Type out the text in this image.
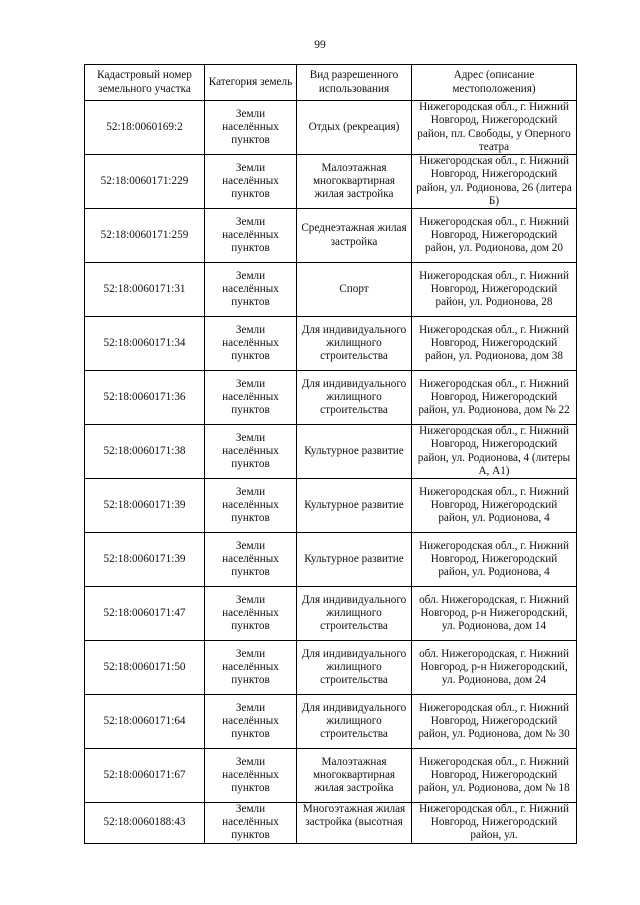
99
Кадастровый номер земельного участка	Категория земель	Вид разрешенного использования	Адрес (описание местоположения)
52:18:0060169:2	Земли населённых пунктов	Отдых (рекреация)	Нижегородская обл., г. Нижний Новгород, Нижегородский район, пл. Свободы, у Оперного театра
52:18:0060171:229	Земли населённых пунктов	Малоэтажная многоквартирная жилая застройка	Нижегородская обл., г. Нижний Новгород, Нижегородский район, ул. Родионова, 26 (литера Б)
52:18:0060171:259	Земли населённых пунктов	Среднеэтажная жилая застройка	Нижегородская обл., г. Нижний Новгород, Нижегородский район, ул. Родионова, дом 20
52:18:0060171:31	Земли населённых пунктов	Спорт	Нижегородская обл., г. Нижний Новгород, Нижегородский район, ул. Родионова, 28
52:18:0060171:34	Земли населённых пунктов	Для индивидуального жилищного строительства	Нижегородская обл., г. Нижний Новгород, Нижегородский район, ул. Родионова, дом 38
52:18:0060171:36	Земли населённых пунктов	Для индивидуального жилищного строительства	Нижегородская обл., г. Нижний Новгород, Нижегородский район, ул. Родионова, дом № 22
52:18:0060171:38	Земли населённых пунктов	Культурное развитие	Нижегородская обл., г. Нижний Новгород, Нижегородский район, ул. Родионова, 4 (литеры А, А1)
52:18:0060171:39	Земли населённых пунктов	Культурное развитие	Нижегородская обл., г. Нижний Новгород, Нижегородский район, ул. Родионова, 4
52:18:0060171:39	Земли населённых пунктов	Культурное развитие	Нижегородская обл., г. Нижний Новгород, Нижегородский район, ул. Родионова, 4
52:18:0060171:47	Земли населённых пунктов	Для индивидуального жилищного строительства	обл. Нижегородская, г. Нижний Новгород, р-н Нижегородский, ул. Родионова, дом 14
52:18:0060171:50	Земли населённых пунктов	Для индивидуального жилищного строительства	обл. Нижегородская, г. Нижний Новгород, р-н Нижегородский, ул. Родионова, дом 24
52:18:0060171:64	Земли населённых пунктов	Для индивидуального жилищного строительства	Нижегородская обл., г. Нижний Новгород, Нижегородский район, ул. Родионова, дом № 30
52:18:0060171:67	Земли населённых пунктов	Малоэтажная многоквартирная жилая застройка	Нижегородская обл., г. Нижний Новгород, Нижегородский район, ул. Родионова, дом № 18
52:18:0060188:43	Земли населённых пунктов	Многоэтажная жилая застройка (высотная	Нижегородская обл., г. Нижний Новгород, Нижегородский район, ул.
